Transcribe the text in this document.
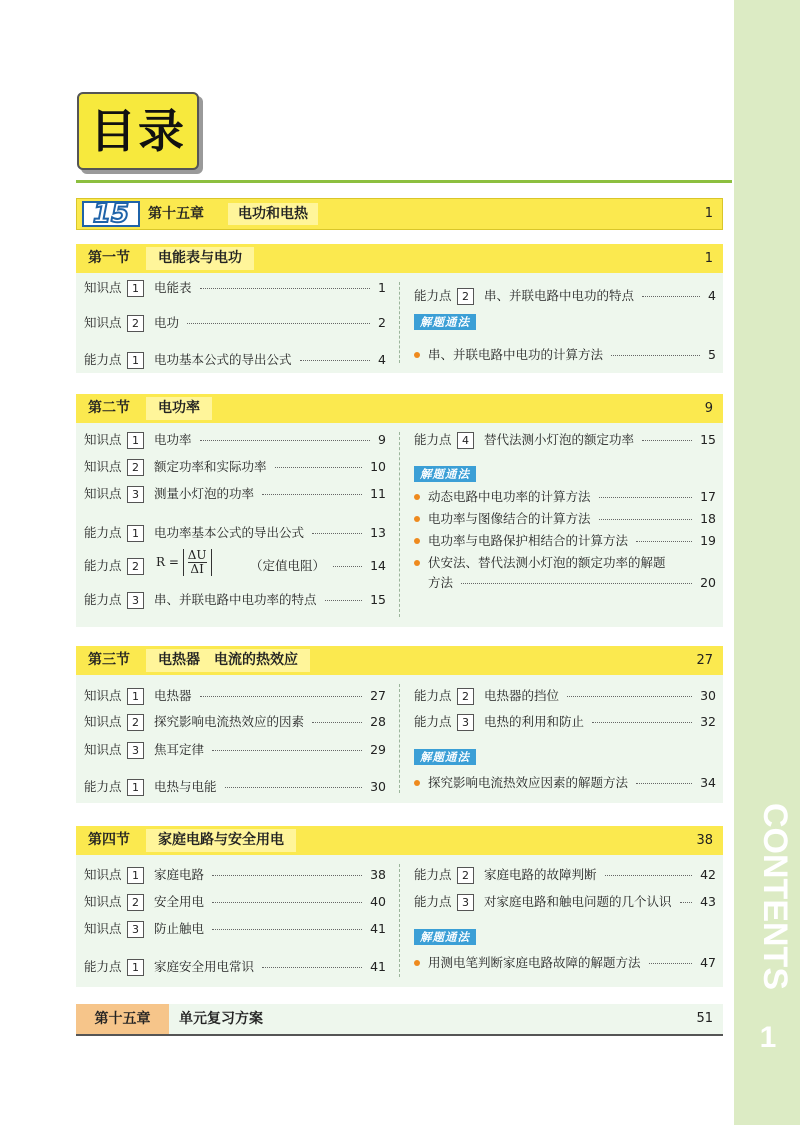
CONTENTS
1
目录
15	第十五章	电功和电热	1
第一节	电能表与电功	1
知识点 1	电能表	1
知识点 2	电功	2
能力点 1	电功基本公式的导出公式	4
能力点 2	串、并联电路中电功的特点	4
解题通法
串、并联电路中电功的计算方法	5
第二节	电功率	9
知识点 1	电功率	9
知识点 2	额定功率和实际功率	10
知识点 3	测量小灯泡的功率	11
能力点 1	电功率基本公式的导出公式	13
能力点 2	（定值电阻）	14
$R = \frac{\Delta U}{\Delta I}$
能力点 3	串、并联电路中电功率的特点	15
能力点 4	替代法测小灯泡的额定功率	15
解题通法
动态电路中电功率的计算方法	17
电功率与图像结合的计算方法	18
电功率与电路保护相结合的计算方法	19
伏安法、替代法测小灯泡的额定功率的解题
方法	20
第三节	电热器　电流的热效应	27
知识点 1	电热器	27
知识点 2	探究影响电流热效应的因素	28
知识点 3	焦耳定律	29
能力点 1	电热与电能	30
能力点 2	电热器的挡位	30
能力点 3	电热的利用和防止	32
解题通法
探究影响电流热效应因素的解题方法	34
第四节	家庭电路与安全用电	38
知识点 1	家庭电路	38
知识点 2	安全用电	40
知识点 3	防止触电	41
能力点 1	家庭安全用电常识	41
能力点 2	家庭电路的故障判断	42
能力点 3	对家庭电路和触电问题的几个认识 43
解题通法
用测电笔判断家庭电路故障的解题方法	47
第十五章	单元复习方案	51
